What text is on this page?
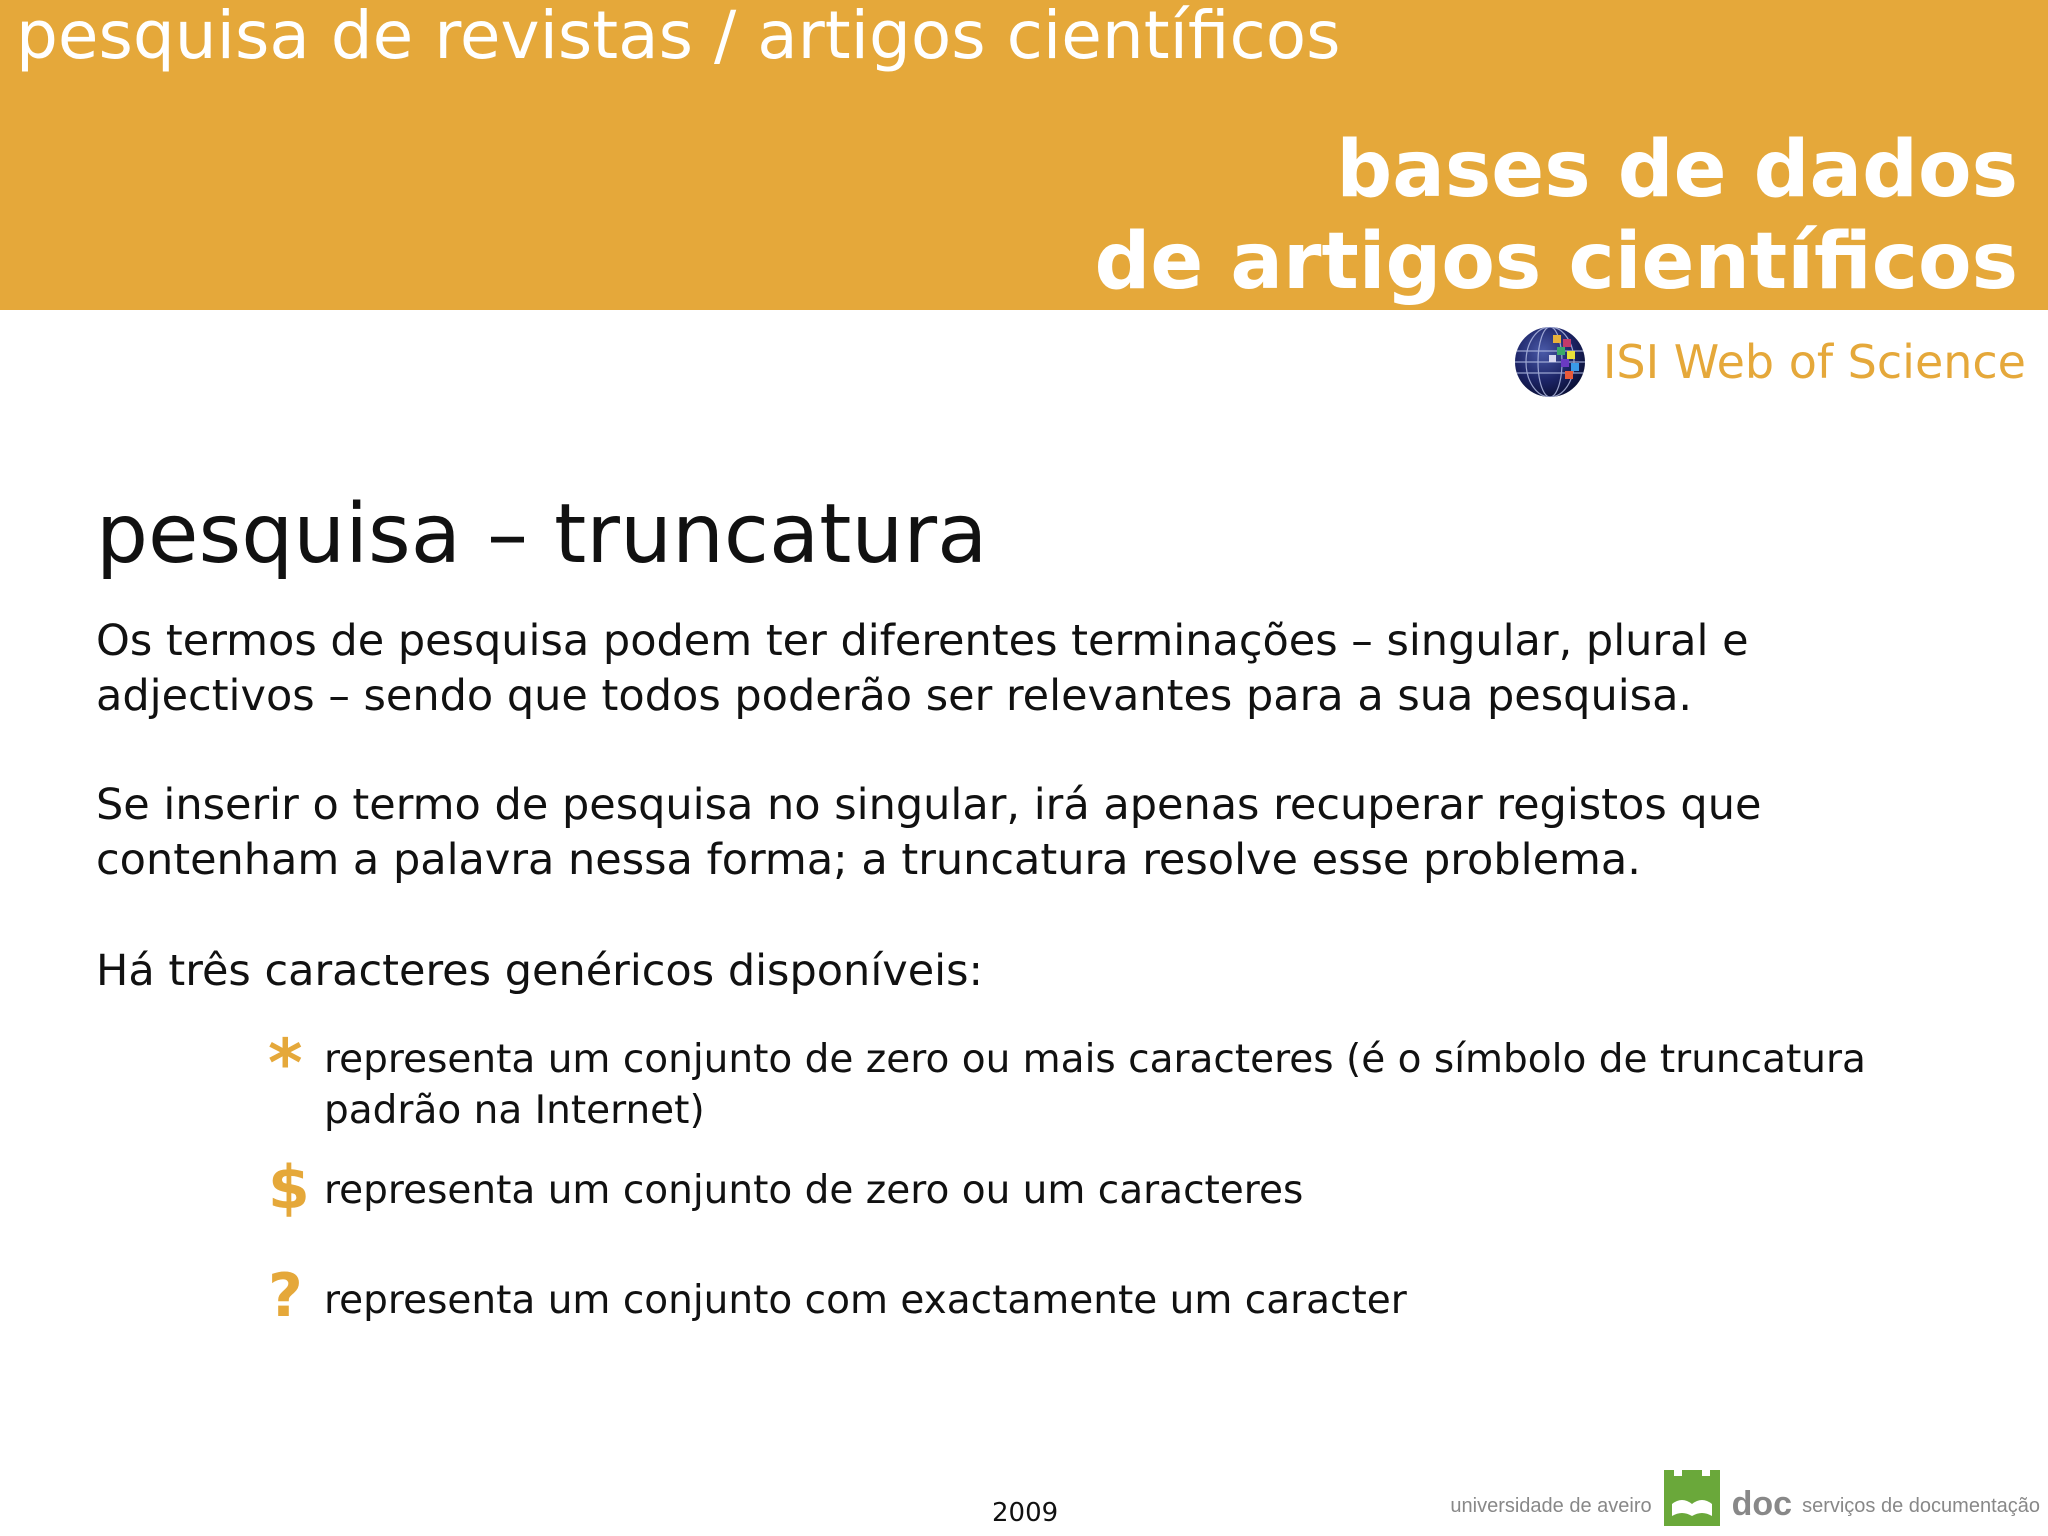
pesquisa de revistas / artigos científicos
bases de dados
de artigos científicos
ISI Web of Science
pesquisa – truncatura

Os termos de pesquisa podem ter diferentes terminações – singular, plural e adjectivos – sendo que todos poderão ser relevantes para a sua pesquisa.

Se inserir o termo de pesquisa no singular, irá apenas recuperar registos que contenham a palavra nessa forma; a truncatura resolve esse problema.

Há três caracteres genéricos disponíveis:

* representa um conjunto de zero ou mais caracteres (é o símbolo de truncatura padrão na Internet)
$ representa um conjunto de zero ou um caracteres
? representa um conjunto com exactamente um caracter
2009	universidade de aveiro doc serviços de documentação
